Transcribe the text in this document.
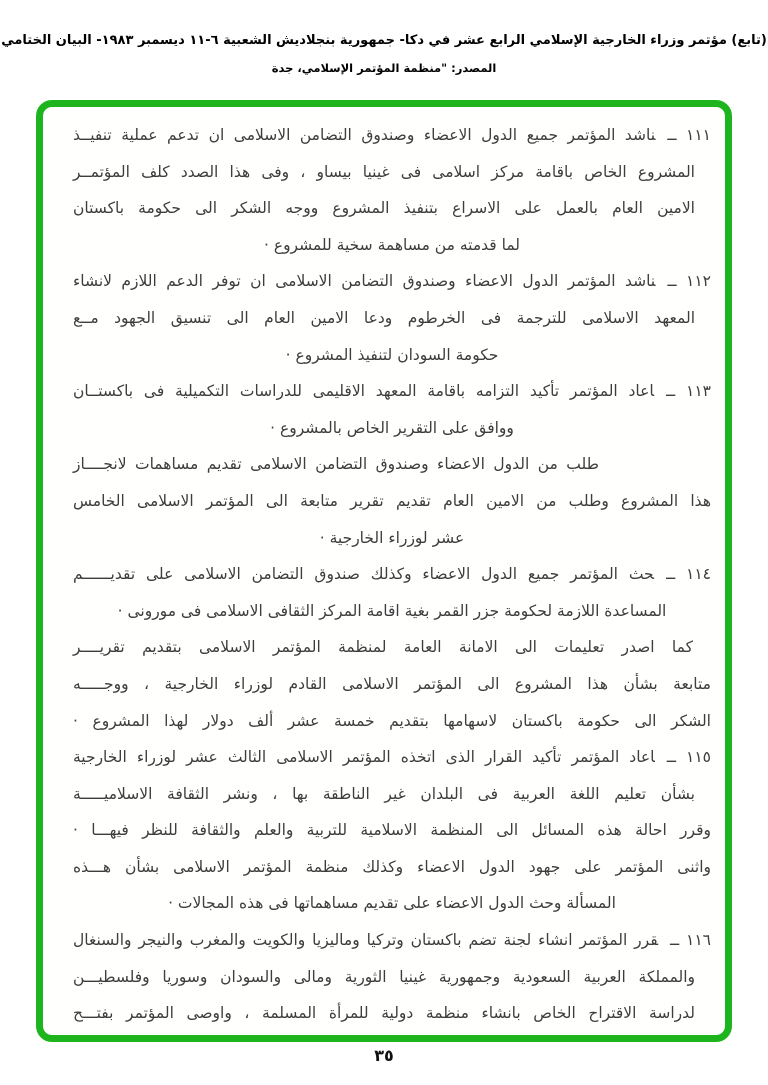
(تابع) مؤتمر وزراء الخارجية الإسلامي الرابع عشر في دكا- جمهورية بنجلاديش الشعبية ٦-١١ ديسمبر ١٩٨٣- البيان الختامي
المصدر: "منظمة المؤتمر الإسلامي، جدة
١١١ ــناشد المؤتمر جميع الدول الاعضاء وصندوق التضامن الاسلامى ان تدعم عملية تنفيــذ
المشروع الخاص باقامة مركز اسلامى فى غينيا بيساو ، وفى هذا الصدد كلف المؤتمــر
الامين العام بالعمل على الاسراع بتنفيذ المشروع ووجه الشكر الى حكومة باكستان
لما قدمته من مساهمة سخية للمشروع ·
١١٢ ــناشد المؤتمر الدول الاعضاء وصندوق التضامن الاسلامى ان توفر الدعم اللازم لانشاء
المعهد الاسلامى للترجمة فى الخرطوم ودعا الامين العام الى تنسيق الجهود مــع
حكومة السودان لتنفيذ المشروع ·
١١٣ ــاعاد المؤتمر تأكيد التزامه باقامة المعهد الاقليمى للدراسات التكميلية فى باكستــان
ووافق على التقرير الخاص بالمشروع ·
طلب من الدول الاعضاء وصندوق التضامن الاسلامى تقديم مساهمات لانجــــاز
هذا المشروع وطلب من الامين العام تقديم تقرير متابعة الى المؤتمر الاسلامى الخامس
عشر لوزراء الخارجية ·
١١٤ ــحث المؤتمر جميع الدول الاعضاء وكذلك صندوق التضامن الاسلامى على تقديــــــم
المساعدة اللازمة لحكومة جزر القمر بغية اقامة المركز الثقافى الاسلامى فى مورونى ·
كما اصدر تعليمات الى الامانة العامة لمنظمة المؤتمر الاسلامى بتقديم تقريــــر
متابعة بشأن هذا المشروع الى المؤتمر الاسلامى القادم لوزراء الخارجية ، ووجـــــه
الشكر الى حكومة باكستان لاسهامها بتقديم خمسة عشر ألف دولار لهذا المشروع ·
١١٥ ــاعاد المؤتمر تأكيد القرار الذى اتخذه المؤتمر الاسلامى الثالث عشر لوزراء الخارجية
بشأن تعليم اللغة العربية فى البلدان غير الناطقة بها ، ونشر الثقافة الاسلاميـــــة
وقرر احالة هذه المسائل الى المنظمة الاسلامية للتربية والعلم والثقافة للنظر فيهـــا ·
واثنى المؤتمر على جهود الدول الاعضاء وكذلك منظمة المؤتمر الاسلامى بشأن هـــذه
المسألة وحث الدول الاعضاء على تقديم مساهماتها فى هذه المجالات ·
١١٦ ــقرر المؤتمر انشاء لجنة تضم باكستان وتركيا وماليزيا والكويت والمغرب والنيجر والسنغال
والمملكة العربية السعودية وجمهورية غينيا الثورية ومالى والسودان وسوريا وفلسطيـــن
لدراسة الاقتراح الخاص بانشاء منظمة دولية للمرأة المسلمة ، واوصى المؤتمر بفتـــح
٣٥
